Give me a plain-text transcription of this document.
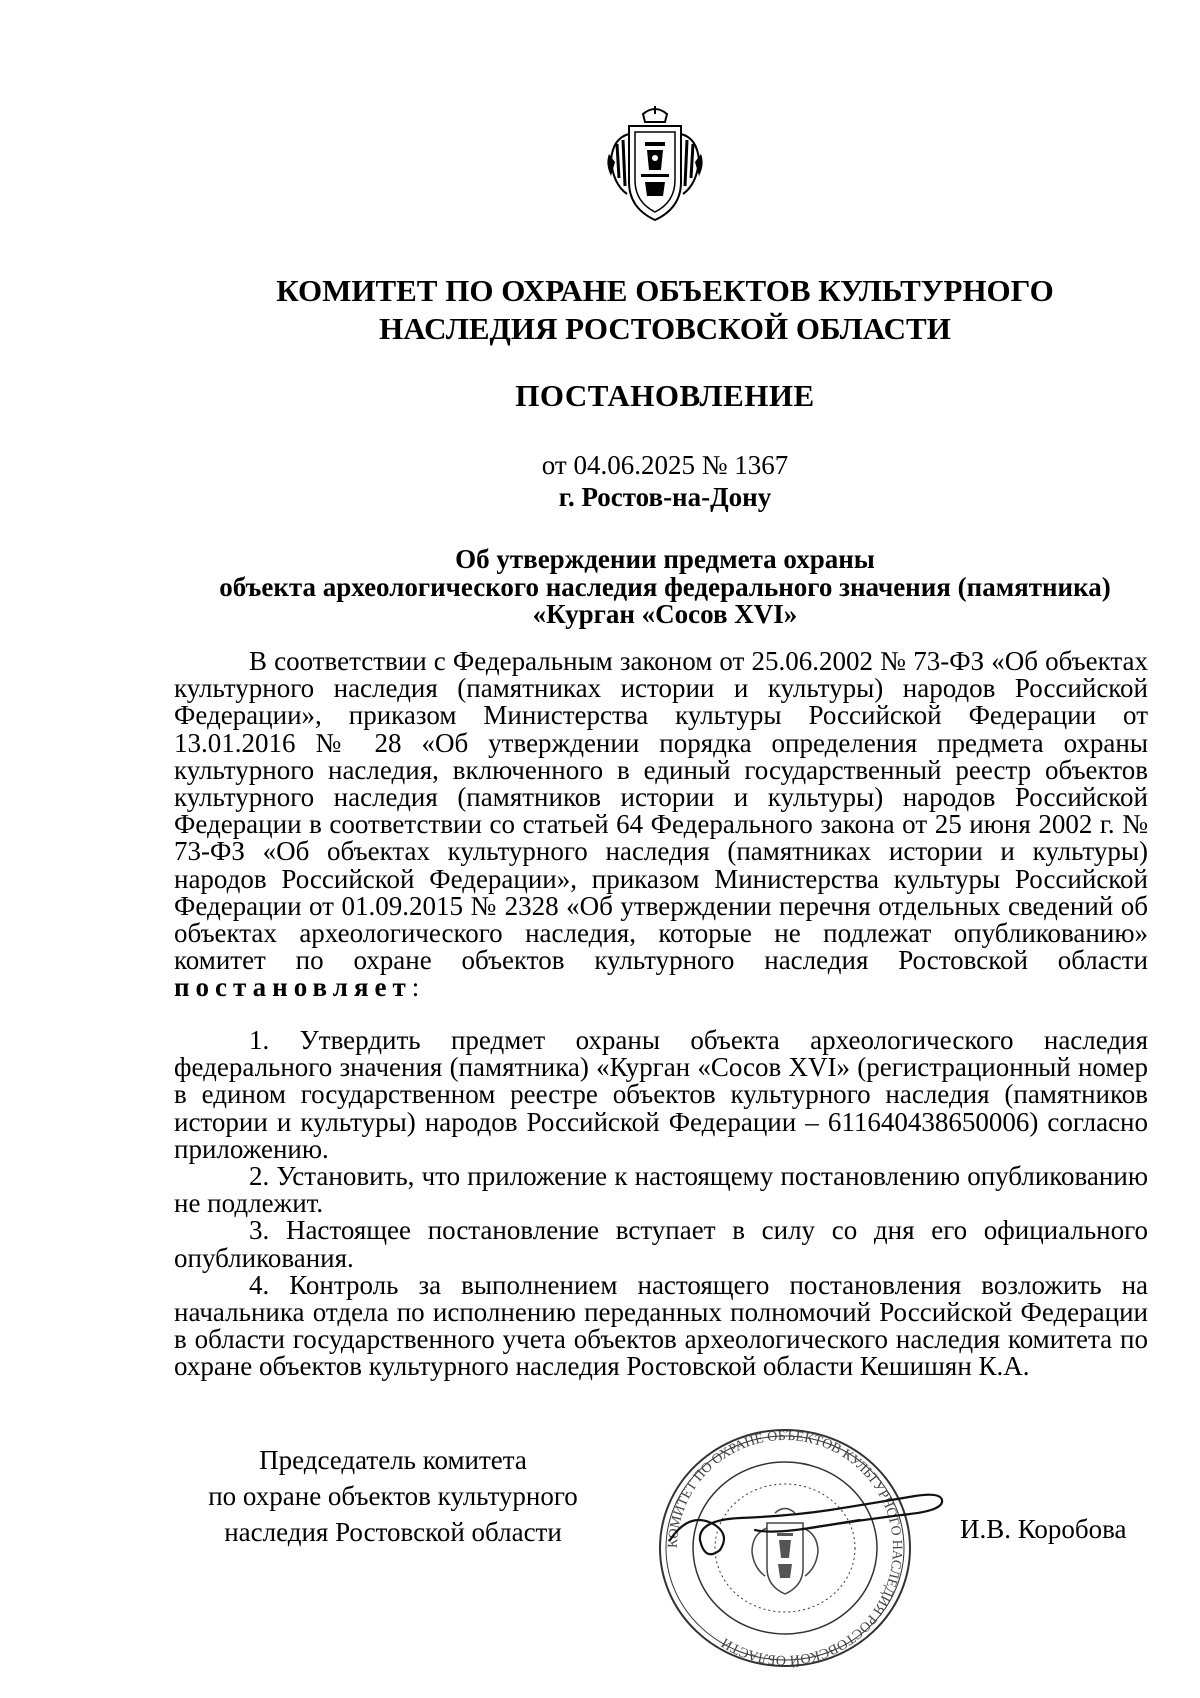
КОМИТЕТ ПО ОХРАНЕ ОБЪЕКТОВ КУЛЬТУРНОГО
НАСЛЕДИЯ РОСТОВСКОЙ ОБЛАСТИ
ПОСТАНОВЛЕНИЕ
от 04.06.2025 № 1367
г. Ростов-на-Дону
Об утверждении предмета охраны
объекта археологического наследия федерального значения (памятника)
«Курган «Сосов XVI»

В соответствии с Федеральным законом от 25.06.2002 № 73-ФЗ «Об объектах культурного наследия (памятниках истории и культуры) народов Российской Федерации», приказом Министерства культуры Российской Федерации от 13.01.2016 № 28 «Об утверждении порядка определения предмета охраны культурного наследия, включенного в единый государственный реестр объектов культурного наследия (памятников истории и культуры) народов Российской Федерации в соответствии со статьей 64 Федерального закона от 25 июня 2002 г. № 73-ФЗ «Об объектах культурного наследия (памятниках истории и культуры) народов Российской Федерации», приказом Министерства культуры Российской Федерации от 01.09.2015 № 2328 «Об утверждении перечня отдельных сведений об объектах археологического наследия, которые не подлежат опубликованию» комитет по охране объектов культурного наследия Ростовской области постановляет:

1. Утвердить предмет охраны объекта археологического наследия федерального значения (памятника) «Курган «Сосов XVI» (регистрационный номер в едином государственном реестре объектов культурного наследия (памятников истории и культуры) народов Российской Федерации – 611640438650006) согласно приложению.

2. Установить, что приложение к настоящему постановлению опубликованию не подлежит.

3. Настоящее постановление вступает в силу со дня его официального опубликования.

4. Контроль за выполнением настоящего постановления возложить на начальника отдела по исполнению переданных полномочий Российской Федерации в области государственного учета объектов археологического наследия комитета по охране объектов культурного наследия Ростовской области Кешишян К.А.

КОМИТЕТ ПО ОХРАНЕ ОБЪЕКТОВ КУЛЬТУРНОГО НАСЛЕДИЯ РОСТОВСКОЙ ОБЛАСТИ
Председатель комитета
по охране объектов культурного
наследия Ростовской области	И.В. Коробова
